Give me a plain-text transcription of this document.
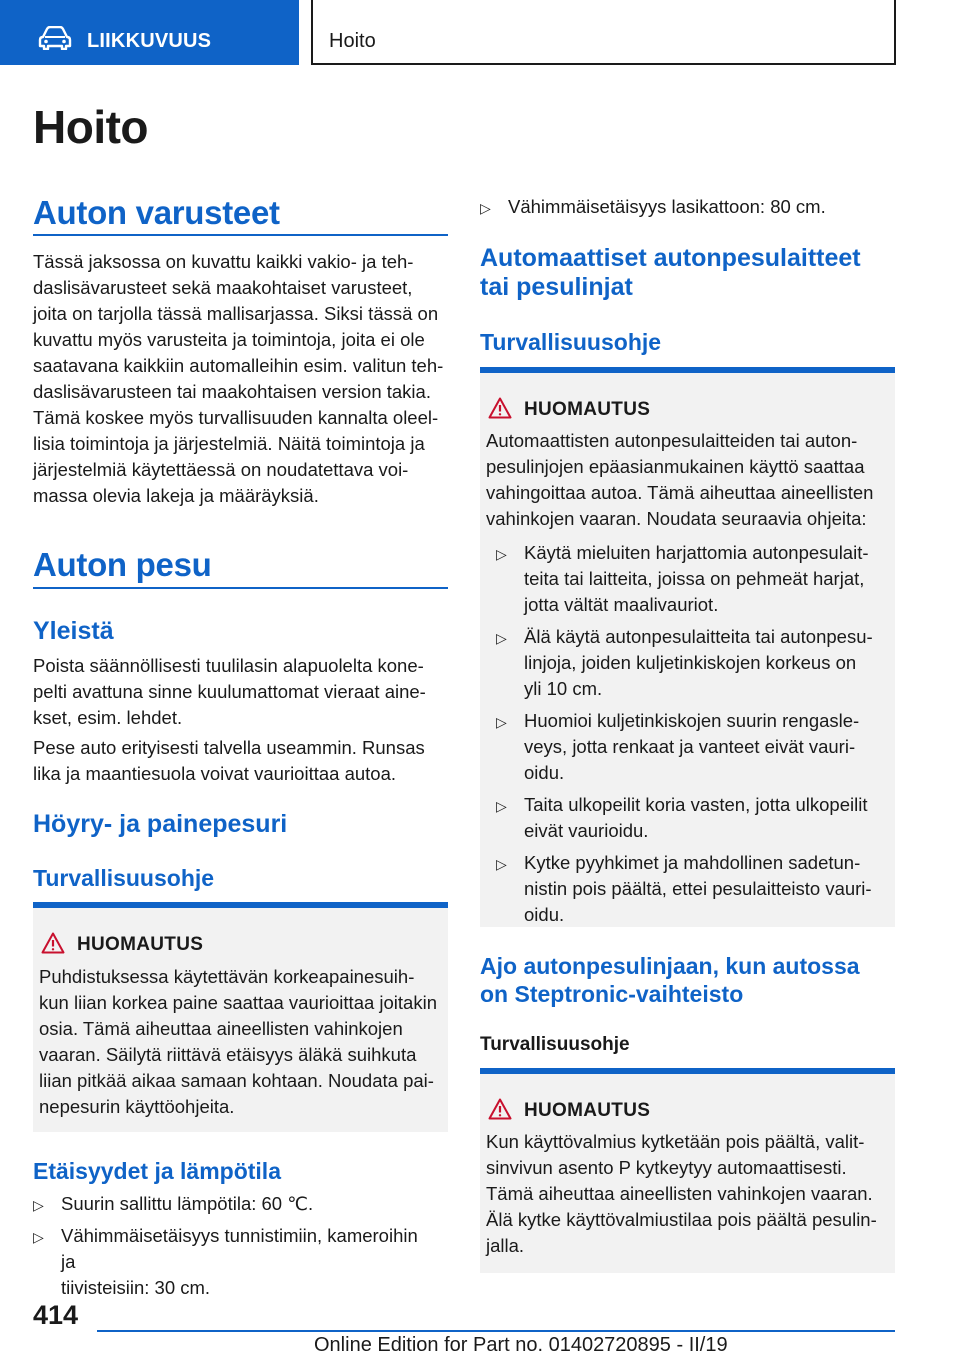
LIIKKUVUUS	Hoito
Hoito
Auton varusteet
Tässä jaksossa on kuvattu kaikki vakio- ja teh-
daslisävarusteet sekä maakohtaiset varusteet,
joita on tarjolla tässä mallisarjassa. Siksi tässä on
kuvattu myös varusteita ja toimintoja, joita ei ole
saatavana kaikkiin automalleihin esim. valitun teh-
daslisävarusteen tai maakohtaisen version takia.
Tämä koskee myös turvallisuuden kannalta oleel-
lisia toimintoja ja järjestelmiä. Näitä toimintoja ja
järjestelmiä käytettäessä on noudatettava voi-
massa olevia lakeja ja määräyksiä.
Auton pesu
Yleistä
Poista säännöllisesti tuulilasin alapuolelta kone-
pelti avattuna sinne kuulumattomat vieraat aine-
kset, esim. lehdet.
Pese auto erityisesti talvella useammin. Runsas
lika ja maantiesuola voivat vaurioittaa autoa.
Höyry- ja painepesuri
Turvallisuusohje
HUOMAUTUS
Puhdistuksessa käytettävän korkeapainesuih-
kun liian korkea paine saattaa vaurioittaa joitakin
osia. Tämä aiheuttaa aineellisten vahinkojen
vaaran. Säilytä riittävä etäisyys äläkä suihkuta
liian pitkää aikaa samaan kohtaan. Noudata pai-
nepesurin käyttöohjeita.
Etäisyydet ja lämpötila
▷ Suurin sallittu lämpötila: 60 ℃.
▷ Vähimmäisetäisyys tunnistimiin, kameroihin ja
tiivisteisiin: 30 cm.
▷ Vähimmäisetäisyys lasikattoon: 80 cm.
Automaattiset autonpesulaitteet
tai pesulinjat
Turvallisuusohje
HUOMAUTUS
Automaattisten autonpesulaitteiden tai auton-
pesulinjojen epäasianmukainen käyttö saattaa
vahingoittaa autoa. Tämä aiheuttaa aineellisten
vahinkojen vaaran. Noudata seuraavia ohjeita:
▷ Käytä mieluiten harjattomia autonpesulait-
teita tai laitteita, joissa on pehmeät harjat,
jotta vältät maalivauriot.
▷ Älä käytä autonpesulaitteita tai autonpesu-
linjoja, joiden kuljetinkiskojen korkeus on
yli 10 cm.
▷ Huomioi kuljetinkiskojen suurin rengasle-
veys, jotta renkaat ja vanteet eivät vauri-
oidu.
▷ Taita ulkopeilit koria vasten, jotta ulkopeilit
eivät vaurioidu.
▷ Kytke pyyhkimet ja mahdollinen sadetun-
nistin pois päältä, ettei pesulaitteisto vauri-
oidu.
Ajo autonpesulinjaan, kun autossa
on Steptronic-vaihteisto
Turvallisuusohje
HUOMAUTUS
Kun käyttövalmius kytketään pois päältä, valit-
sinvivun asento P kytkeytyy automaattisesti.
Tämä aiheuttaa aineellisten vahinkojen vaaran.
Älä kytke käyttövalmiustilaa pois päältä pesulin-
jalla.
414
Online Edition for Part no. 01402720895 - II/19
